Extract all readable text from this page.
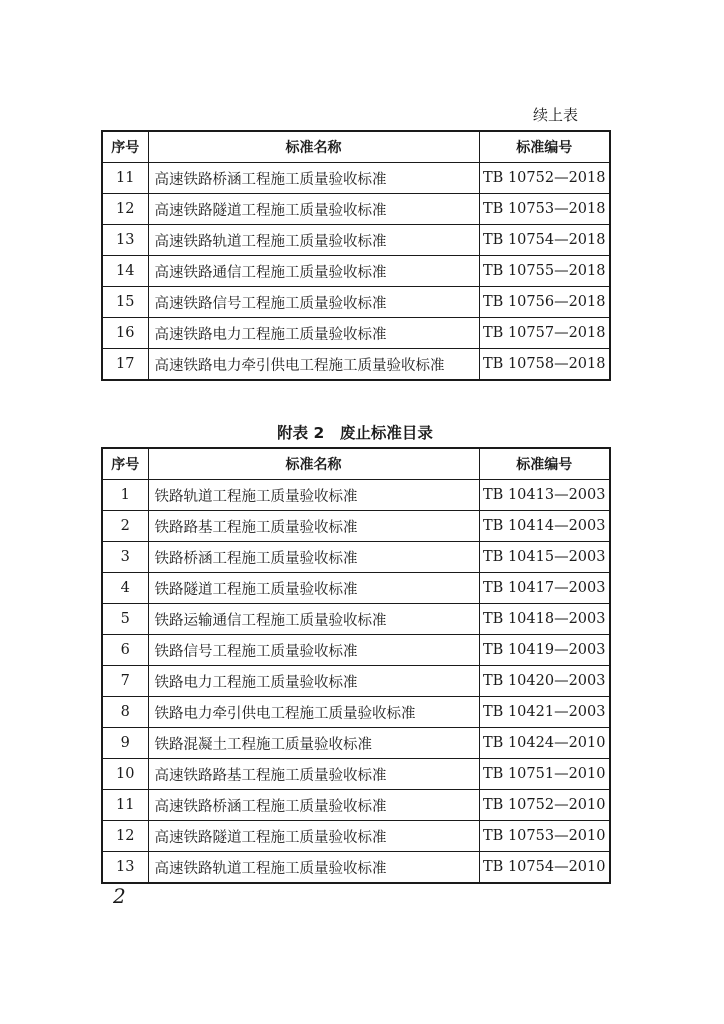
续上表
序号	标准名称	标准编号
11	高速铁路桥涵工程施工质量验收标准	TB 10752—2018
12	高速铁路隧道工程施工质量验收标准	TB 10753—2018
13	高速铁路轨道工程施工质量验收标准	TB 10754—2018
14	高速铁路通信工程施工质量验收标准	TB 10755—2018
15	高速铁路信号工程施工质量验收标准	TB 10756—2018
16	高速铁路电力工程施工质量验收标准	TB 10757—2018
17	高速铁路电力牵引供电工程施工质量验收标准	TB 10758—2018
附表 2　废止标准目录
序号	标准名称	标准编号
1	铁路轨道工程施工质量验收标准	TB 10413—2003
2	铁路路基工程施工质量验收标准	TB 10414—2003
3	铁路桥涵工程施工质量验收标准	TB 10415—2003
4	铁路隧道工程施工质量验收标准	TB 10417—2003
5	铁路运输通信工程施工质量验收标准	TB 10418—2003
6	铁路信号工程施工质量验收标准	TB 10419—2003
7	铁路电力工程施工质量验收标准	TB 10420—2003
8	铁路电力牵引供电工程施工质量验收标准	TB 10421—2003
9	铁路混凝土工程施工质量验收标准	TB 10424—2010
10	高速铁路路基工程施工质量验收标准	TB 10751—2010
11	高速铁路桥涵工程施工质量验收标准	TB 10752—2010
12	高速铁路隧道工程施工质量验收标准	TB 10753—2010
13	高速铁路轨道工程施工质量验收标准	TB 10754—2010
2
